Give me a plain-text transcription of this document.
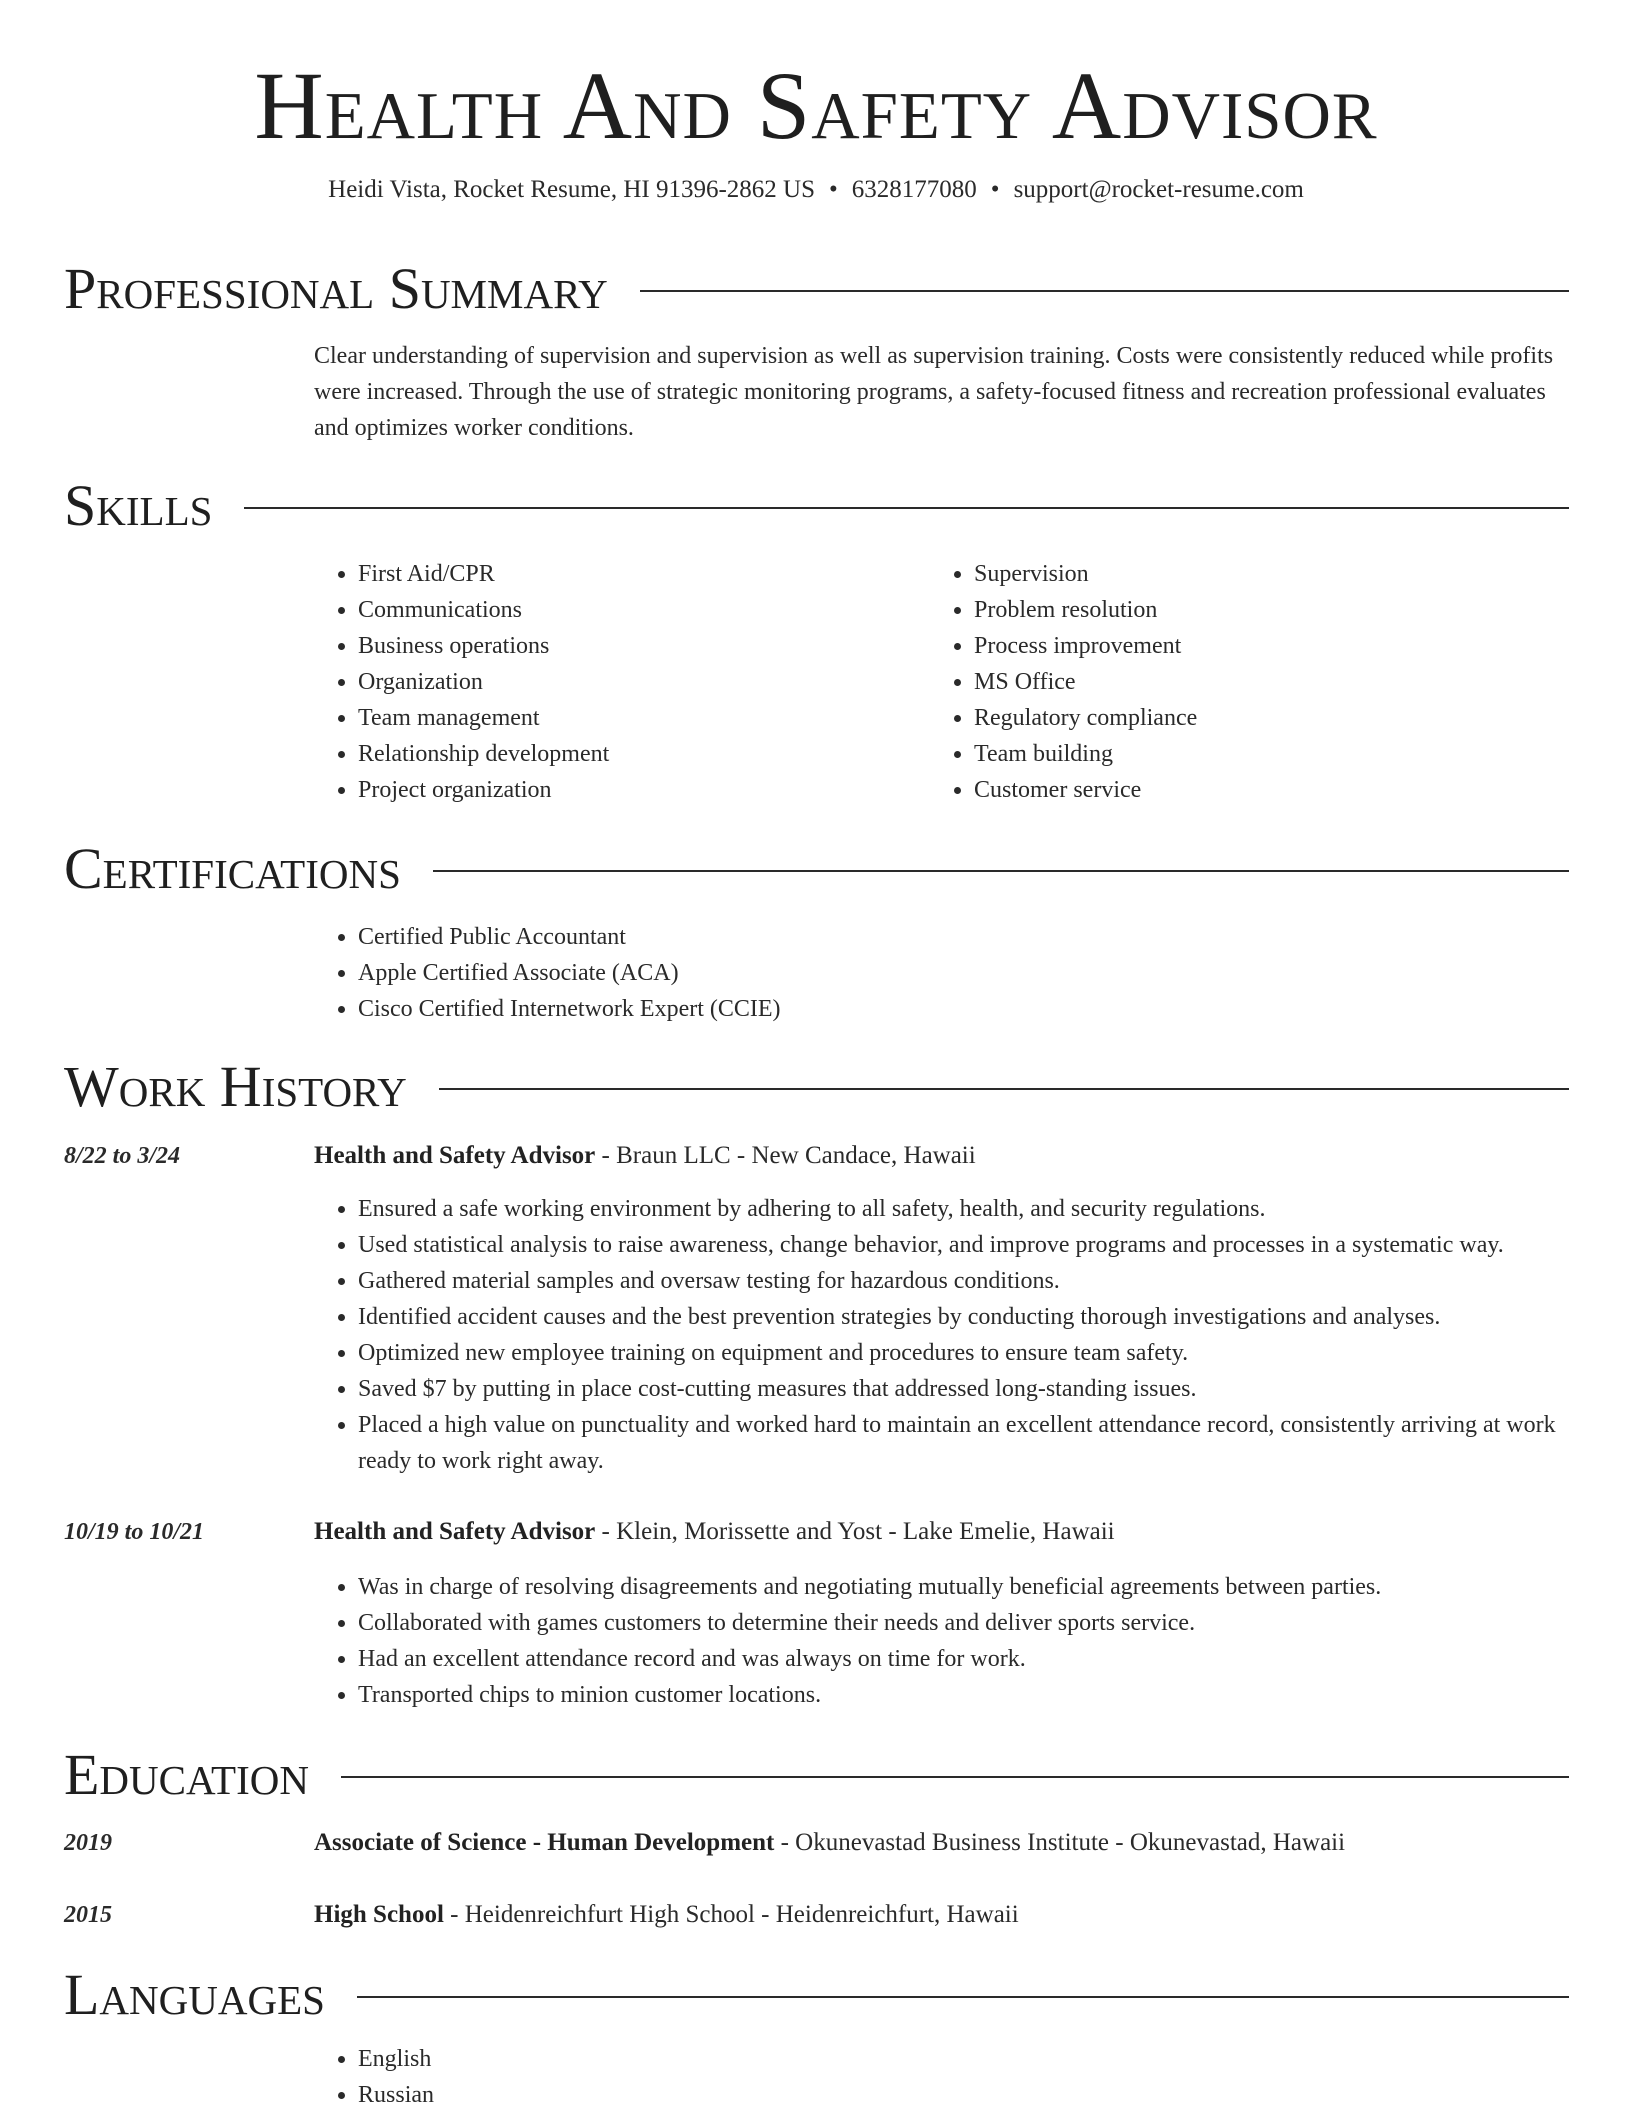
Health And Safety Advisor
Heidi Vista, Rocket Resume, HI 91396-2862 US • 6328177080 • support@rocket-resume.com
Professional Summary
Clear understanding of supervision and supervision as well as supervision training. Costs were consistently reduced while profits were increased. Through the use of strategic monitoring programs, a safety-focused fitness and recreation professional evaluates and optimizes worker conditions.
Skills
• First Aid/CPR
• Communications
• Business operations
• Organization
• Team management
• Relationship development
• Project organization
• Supervision
• Problem resolution
• Process improvement
• MS Office
• Regulatory compliance
• Team building
• Customer service
Certifications
• Certified Public Accountant
• Apple Certified Associate (ACA)
• Cisco Certified Internetwork Expert (CCIE)
Work History
8/22 to 3/24	Health and Safety Advisor - Braun LLC - New Candace, Hawaii
• Ensured a safe working environment by adhering to all safety, health, and security regulations.
• Used statistical analysis to raise awareness, change behavior, and improve programs and processes in a systematic way.
• Gathered material samples and oversaw testing for hazardous conditions.
• Identified accident causes and the best prevention strategies by conducting thorough investigations and analyses.
• Optimized new employee training on equipment and procedures to ensure team safety.
• Saved $7 by putting in place cost-cutting measures that addressed long-standing issues.
• Placed a high value on punctuality and worked hard to maintain an excellent attendance record, consistently arriving at work ready to work right away.
10/19 to 10/21	Health and Safety Advisor - Klein, Morissette and Yost - Lake Emelie, Hawaii
• Was in charge of resolving disagreements and negotiating mutually beneficial agreements between parties.
• Collaborated with games customers to determine their needs and deliver sports service.
• Had an excellent attendance record and was always on time for work.
• Transported chips to minion customer locations.
Education
2019	Associate of Science - Human Development - Okunevastad Business Institute - Okunevastad, Hawaii
2015	High School - Heidenreichfurt High School - Heidenreichfurt, Hawaii
Languages
• English
• Russian
